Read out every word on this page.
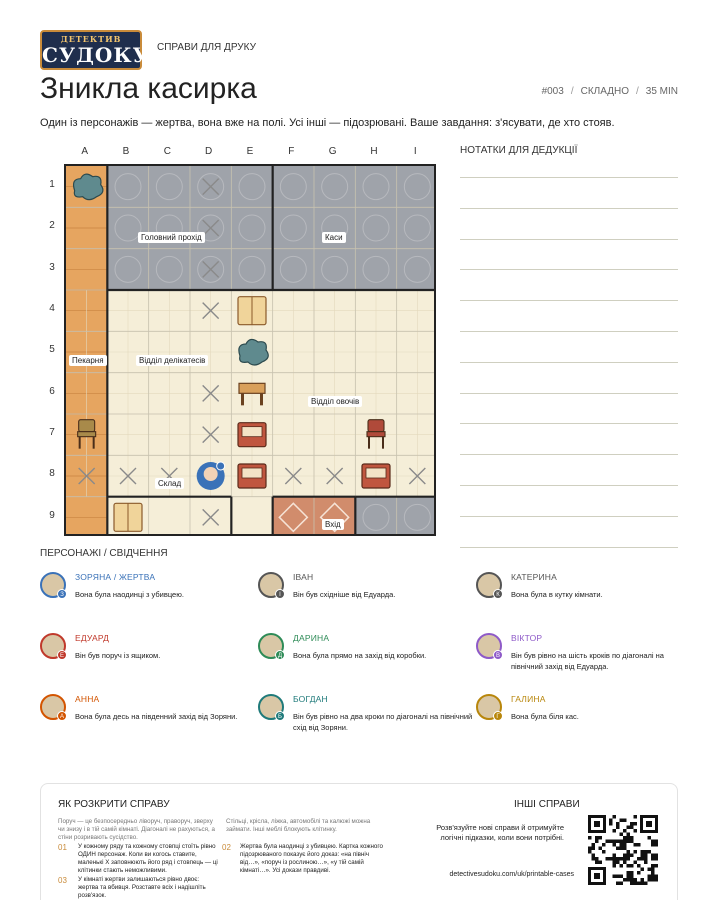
ДЕТЕКТИВ
СУДОКУ СПРАВИ ДЛЯ ДРУКУ
Зникла касирка	#003 / СКЛАДНО / 35 MIN
Один із персонажів — жертва, вона вже на полі. Усі інші — підозрювані. Ваше завдання: з'ясувати, де хто стояв.
A	B	C	D	E	F	G	H	I
1
2
3
4
5
6
7
8
9
Головний прохід	Каси
Пекарня	Відділ делікатесів
Відділ овочів
Склад
Вхід
НОТАТКИ ДЛЯ ДЕДУКЦІЇ
ПЕРСОНАЖІ / СВІДЧЕННЯ
З
ЗОРЯНА / ЖЕРТВА
Вона була наодинці з убивцею.	І
ІВАН
Він був східніше від Едуарда.	К
КАТЕРИНА
Вона була в кутку кімнати.
Е
ЕДУАРД
Він був поруч із ящиком.	Д
ДАРИНА
Вона була прямо на захід від коробки.	В
ВІКТОР
Він був рівно на шість кроків по діагоналі на північний захід від Едуарда.
А
АННА
Вона була десь на південний захід від Зоряни.	Б
БОГДАН
Він був рівно на два кроки по діагоналі на північний схід від Зоряни.
Г
ГАЛИНА
Вона була біля кас.
ЯК РОЗКРИТИ СПРАВУ
Поруч — це безпосередньо ліворуч, праворуч, зверху чи знизу і в тій самій кімнаті. Діагоналі не рахуються, а стіни розривають сусідство.
Стільці, крісла, ліжка, автомобілі та калюжі можна займати. Інші меблі блокують клітинку.
01 У кожному ряду та кожному стовпці стоїть рівно ОДИН персонаж. Коли ви когось ставите, маленькі X заповнюють його ряд і стовпець — ці клітинки стають неможливими.
02 Жертва була наодинці з убивцею. Картка кожного підозрюваного показує його доказ: «на північ від…», «поруч із рослиною…», «у тій самій кімнаті…». Усі докази правдиві.
03 У кімнаті жертви залишаються рівно двоє: жертва та вбивця. Розставте всіх і надішліть розв'язок.
ІНШІ СПРАВИ
Розв'язуйте нові справи й отримуйте логічні підказки, коли вони потрібні.
detectivesudoku.com/uk/printable-cases
